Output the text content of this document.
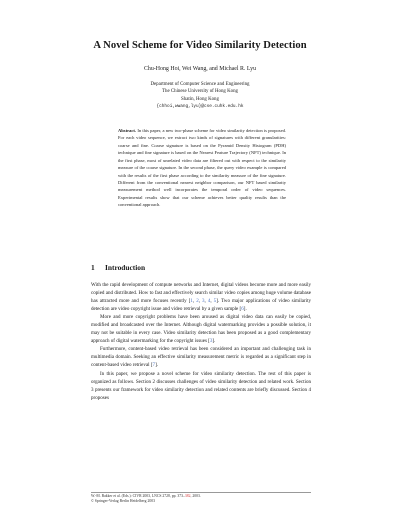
A Novel Scheme for Video Similarity Detection
Chu-Hong Hoi, Wei Wang, and Michael R. Lyu
Department of Computer Science and Engineering
The Chinese University of Hong Kong
Shatin, Hong Kong
{chhoi,wwang,lyu}@cse.cuhk.edu.hk

Abstract. In this paper, a new two-phase scheme for video similarity detection is proposed. For each video sequence, we extract two kinds of signatures with different granularities: coarse and fine. Coarse signature is based on the Pyramid Density Histogram (PDH) technique and fine signature is based on the Nearest Feature Trajectory (NFT) technique. In the first phase, most of unrelated video data are filtered out with respect to the similarity measure of the coarse signature. In the second phase, the query video example is compared with the results of the first phase according to the similarity measure of the fine signature. Different from the conventional nearest neighbor comparison, our NFT based similarity measurement method well incorporates the temporal order of video sequences. Experimental results show that our scheme achieves better quality results than the conventional approach.

1 Introduction

With the rapid development of compute networks and Internet, digital videos become more and more easily copied and distributed. How to fast and effectively search similar video copies among huge volume database has attracted more and more focuses recently [1, 2, 3, 4, 5]. Two major applications of video similarity detection are video copyright issue and video retrieval by a given sample [6].

More and more copyright problems have been aroused as digital video data can easily be copied, modified and broadcasted over the Internet. Although digital watermarking provides a possible solution, it may not be suitable in every case. Video similarity detection has been proposed as a good complementary approach of digital watermarking for the copyright issues [3].

Furthermore, content-based video retrieval has been considered an important and challenging task in multimedia domain. Seeking an effective similarity measurement metric is regarded as a significant step in content-based video retrieval [7].

In this paper, we propose a novel scheme for video similarity detection. The rest of this paper is organized as follows. Section 2 discusses challenges of video similarity detection and related work. Section 3 presents our framework for video similarity detection and related contents are briefly discussed. Section 4 proposes

W.-M. Bakker et al. (Eds.): CIVR 2003, LNCS 2728, pp. 373–382, 2003.
© Springer-Verlag Berlin Heidelberg 2003
